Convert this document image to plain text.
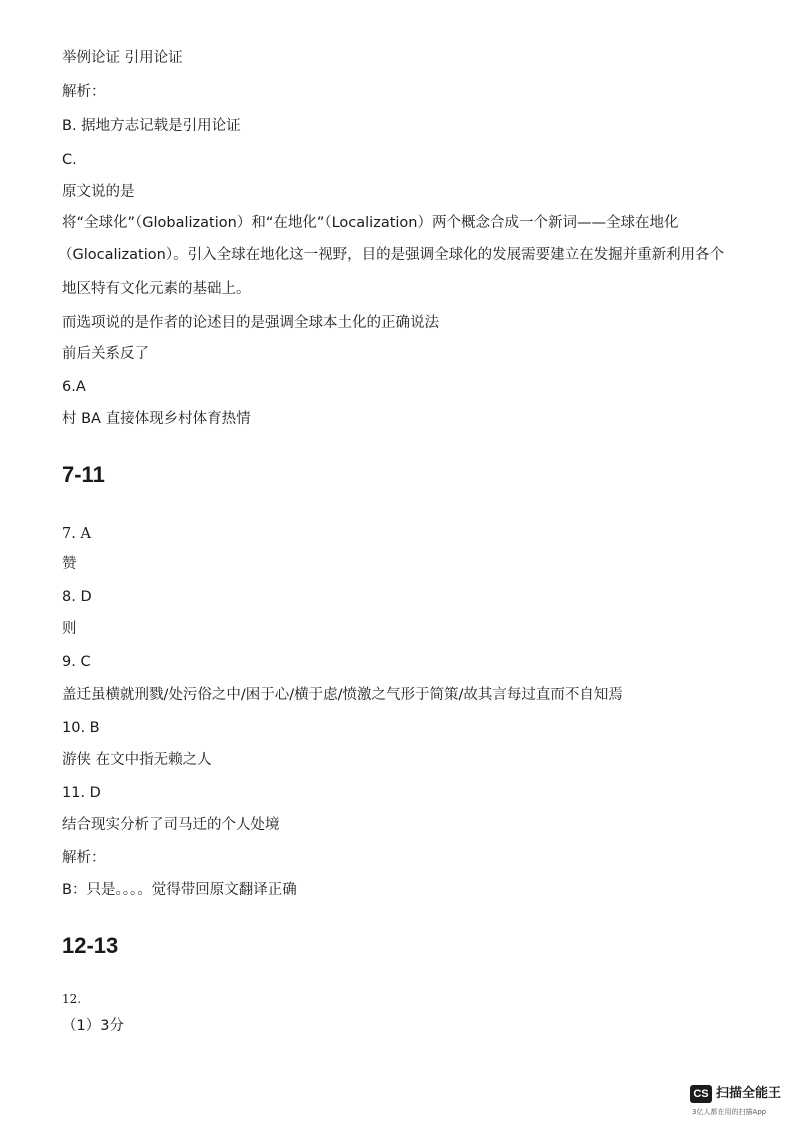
举例论证 引用论证
解析：
B. 据地方志记载是引用论证
C.
原文说的是
将“全球化”（Globalization）和“在地化”（Localization）两个概念合成一个新词——全球在地化
（Glocalization）。引入全球在地化这一视野，目的是强调全球化的发展需要建立在发掘并重新利用各个
地区特有文化元素的基础上。
而选项说的是作者的论述目的是强调全球本土化的正确说法
前后关系反了
6.A
村 BA 直接体现乡村体育热情
7-11
7. A
赞
8. D
则
9. C
盖迁虽横就刑戮/处污俗之中/困于心/横于虑/愤激之气形于简策/故其言每过直而不自知焉
10. B
游侠 在文中指无赖之人
11. D
结合现实分析了司马迁的个人处境
解析：
B：只是。。。。觉得带回原文翻译正确
12-13
12.
（1）3分
CS 扫描全能王
3亿人都在用的扫描App
